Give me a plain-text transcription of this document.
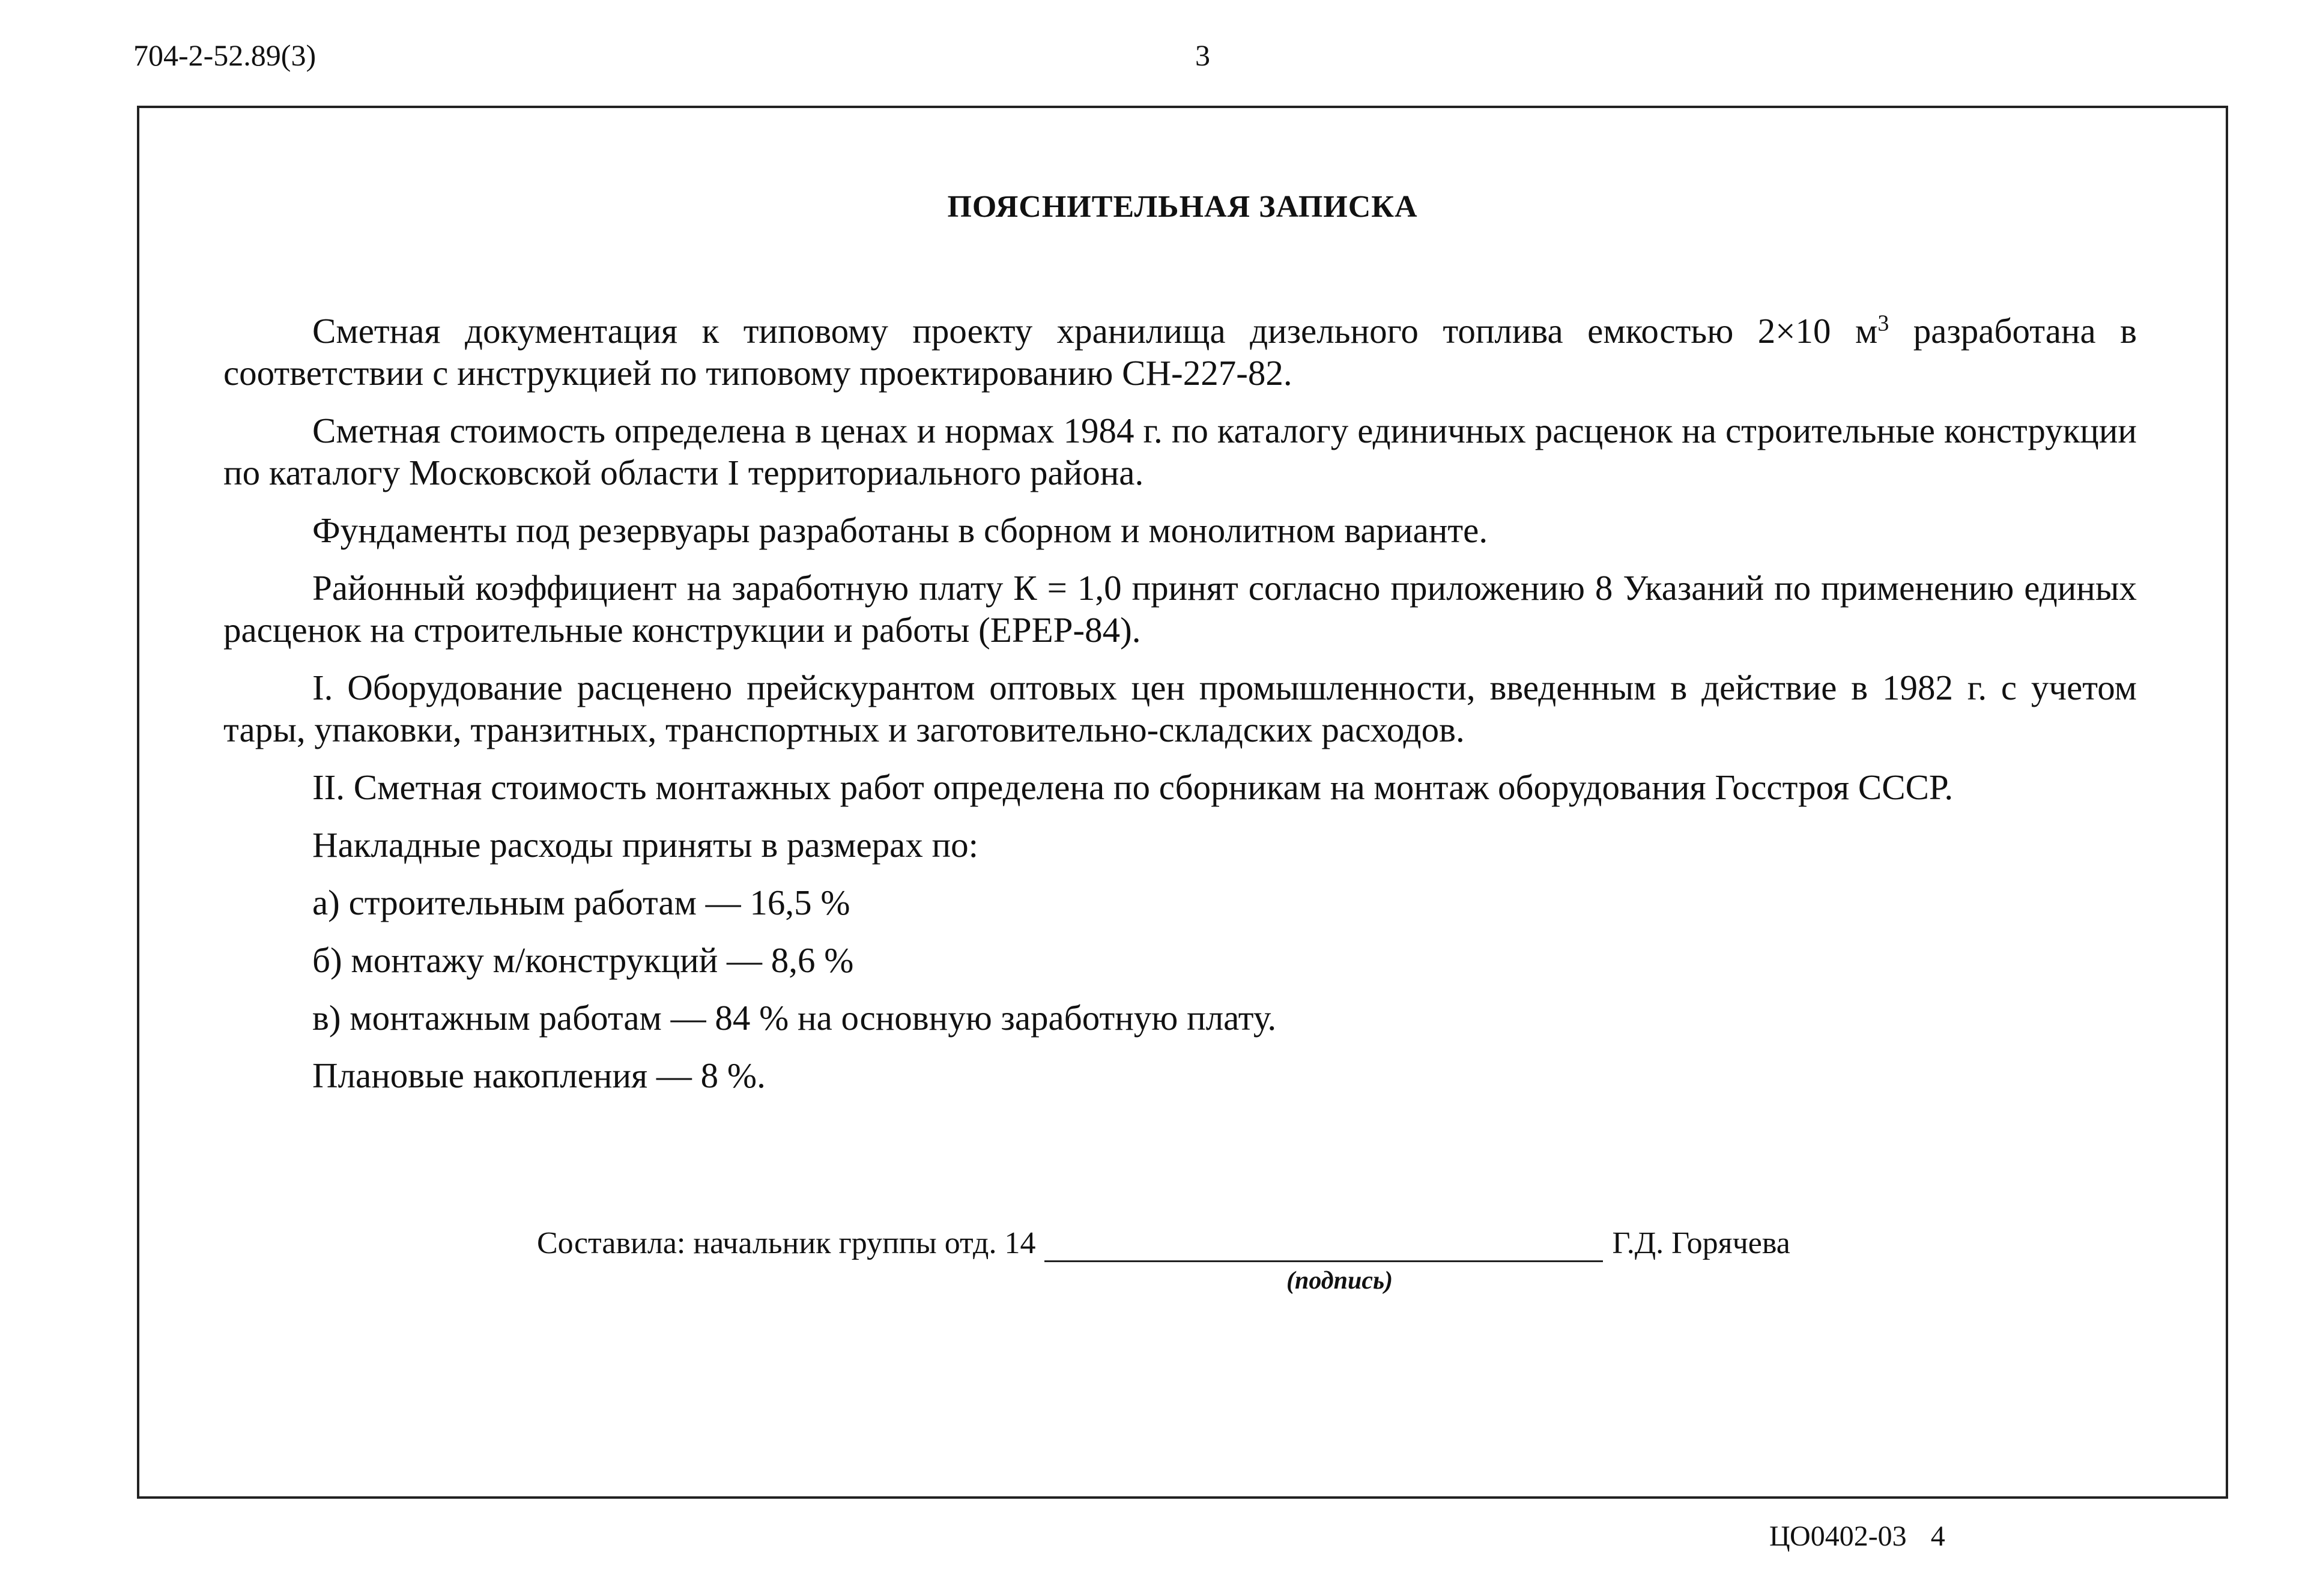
704-2-52.89(3)	3
ПОЯСНИТЕЛЬНАЯ ЗАПИСКА

Сметная документация к типовому проекту хранилища дизельного топлива емкостью 2×10 $м^3$ разработана в соответствии с инструкцией по типовому проектированию СН-227-82.

Сметная стоимость определена в ценах и нормах 1984 г. по каталогу единичных расценок на строительные конструкции по каталогу Московской области I территориального района.

Фундаменты под резервуары разработаны в сборном и монолитном варианте.

Районный коэффициент на заработную плату К = 1,0 принят согласно приложению 8 Указаний по применению единых расценок на строительные конструкции и работы (ЕРЕР-84).

I. Оборудование расценено прейскурантом оптовых цен промышленности, введенным в действие в 1982 г. с учетом тары, упаковки, транзитных, транспортных и заготовительно-складских расходов.

II. Сметная стоимость монтажных работ определена по сборникам на монтаж оборудования Госстроя СССР.

Накладные расходы приняты в размерах по:

а) строительным работам — 16,5 %

б) монтажу м/конструкций — 8,6 %

в) монтажным работам — 84 % на основную заработную плату.

Плановые накопления — 8 %.

Составила: начальник группы отд. 14	Г.Д. Горячева
(подпись)
ЦО0402-03 4
